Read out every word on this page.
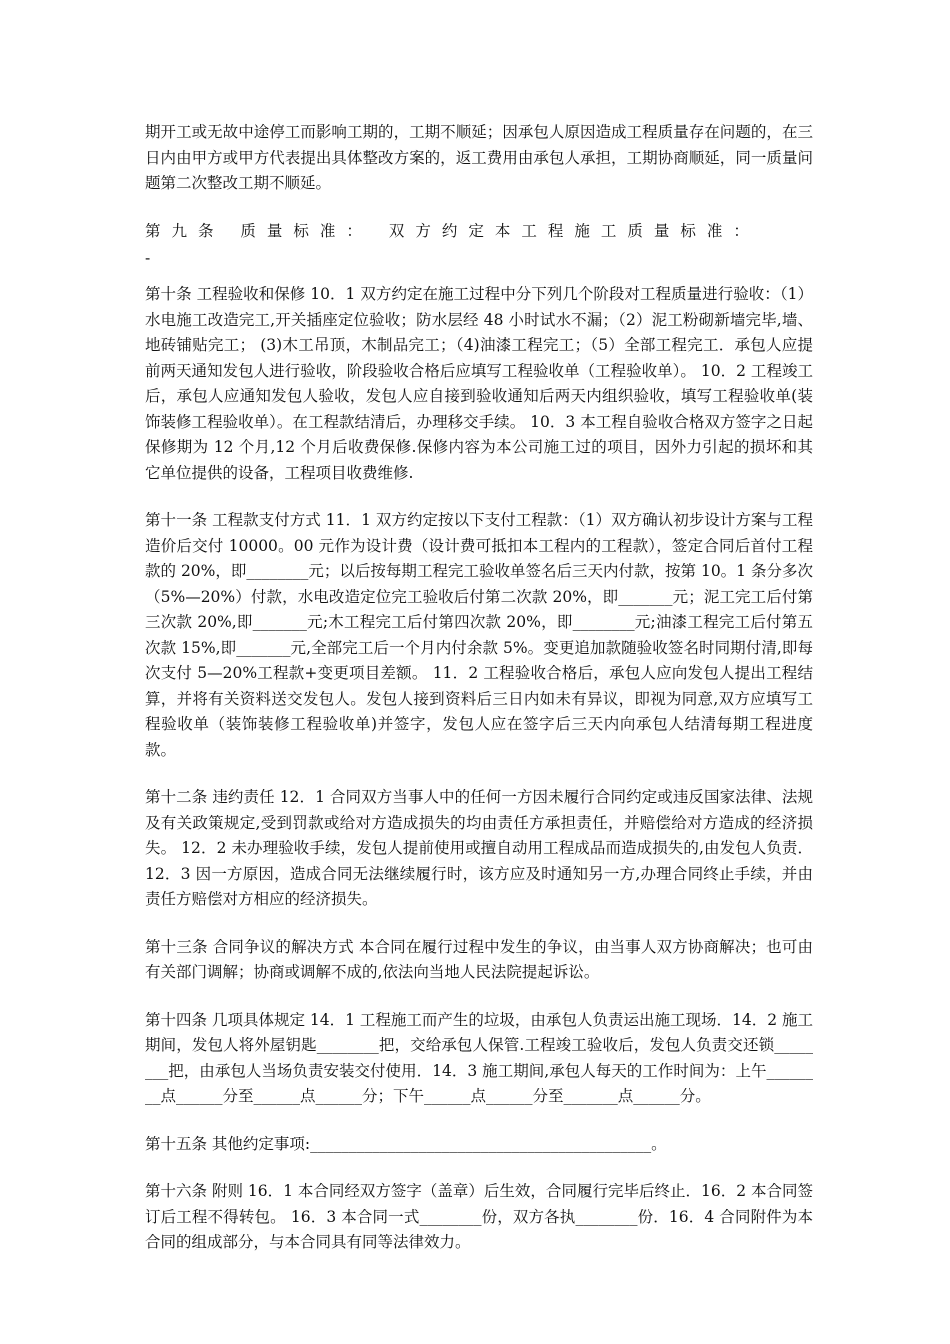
期开工或无故中途停工而影响工期的，工期不顺延；因承包人原因造成工程质量存在问题的，在三日内由甲方或甲方代表提出具体整改方案的，返工费用由承包人承担，工期协商顺延，同一质量问题第二次整改工期不顺延。

第九条 质量标准： 双方约定本工程施工质量标准：

-

第十条 工程验收和保修 10．1 双方约定在施工过程中分下列几个阶段对工程质量进行验收：（1）水电施工改造完工,开关插座定位验收；防水层经 48 小时试水不漏；（2）泥工粉砌新墙完毕,墙、地砖铺贴完工； (3)木工吊顶，木制品完工；（4)油漆工程完工；（5）全部工程完工．承包人应提前两天通知发包人进行验收，阶段验收合格后应填写工程验收单（工程验收单）。 10．2 工程竣工后，承包人应通知发包人验收，发包人应自接到验收通知后两天内组织验收，填写工程验收单(装饰装修工程验收单）。在工程款结清后，办理移交手续。 10．3 本工程自验收合格双方签字之日起保修期为 12 个月,12 个月后收费保修.保修内容为本公司施工过的项目，因外力引起的损坏和其它单位提供的设备，工程项目收费维修.

第十一条 工程款支付方式 11．1 双方约定按以下支付工程款：（1）双方确认初步设计方案与工程造价后交付 10000。00 元作为设计费（设计费可抵扣本工程内的工程款），签定合同后首付工程款的 20%，即________元；以后按每期工程完工验收单签名后三天内付款，按第 10。1 条分多次（5%—20%）付款，水电改造定位完工验收后付第二次款 20%，即_______元；泥工完工后付第三次款 20%,即_______元;木工程完工后付第四次款 20%，即________元;油漆工程完工后付第五次款 15%,即_______元,全部完工后一个月内付余款 5%。变更追加款随验收签名时同期付清,即每次支付 5—20%工程款+变更项目差额。 11．2 工程验收合格后，承包人应向发包人提出工程结算，并将有关资料送交发包人。发包人接到资料后三日内如未有异议，即视为同意,双方应填写工程验收单（装饰装修工程验收单)并签字，发包人应在签字后三天内向承包人结清每期工程进度款。

第十二条 违约责任 12．1 合同双方当事人中的任何一方因未履行合同约定或违反国家法律、法规及有关政策规定,受到罚款或给对方造成损失的均由责任方承担责任，并赔偿给对方造成的经济损失。 12．2 未办理验收手续，发包人提前使用或擅自动用工程成品而造成损失的,由发包人负责．12．3 因一方原因，造成合同无法继续履行时，该方应及时通知另一方,办理合同终止手续，并由责任方赔偿对方相应的经济损失。

第十三条 合同争议的解决方式 本合同在履行过程中发生的争议，由当事人双方协商解决；也可由有关部门调解；协商或调解不成的,依法向当地人民法院提起诉讼。

第十四条 几项具体规定 14．1 工程施工而产生的垃圾，由承包人负责运出施工现场．14．2 施工期间，发包人将外屋钥匙________把，交给承包人保管.工程竣工验收后，发包人负责交还锁________把，由承包人当场负责安装交付使用．14．3 施工期间,承包人每天的工作时间为：上午________点______分至______点______分；下午______点______分至_______点______分。

第十五条 其他约定事项:____________________________________________。

第十六条 附则 16．1 本合同经双方签字（盖章）后生效，合同履行完毕后终止．16．2 本合同签订后工程不得转包。 16．3 本合同一式________份，双方各执________份．16．4 合同附件为本合同的组成部分，与本合同具有同等法律效力。
